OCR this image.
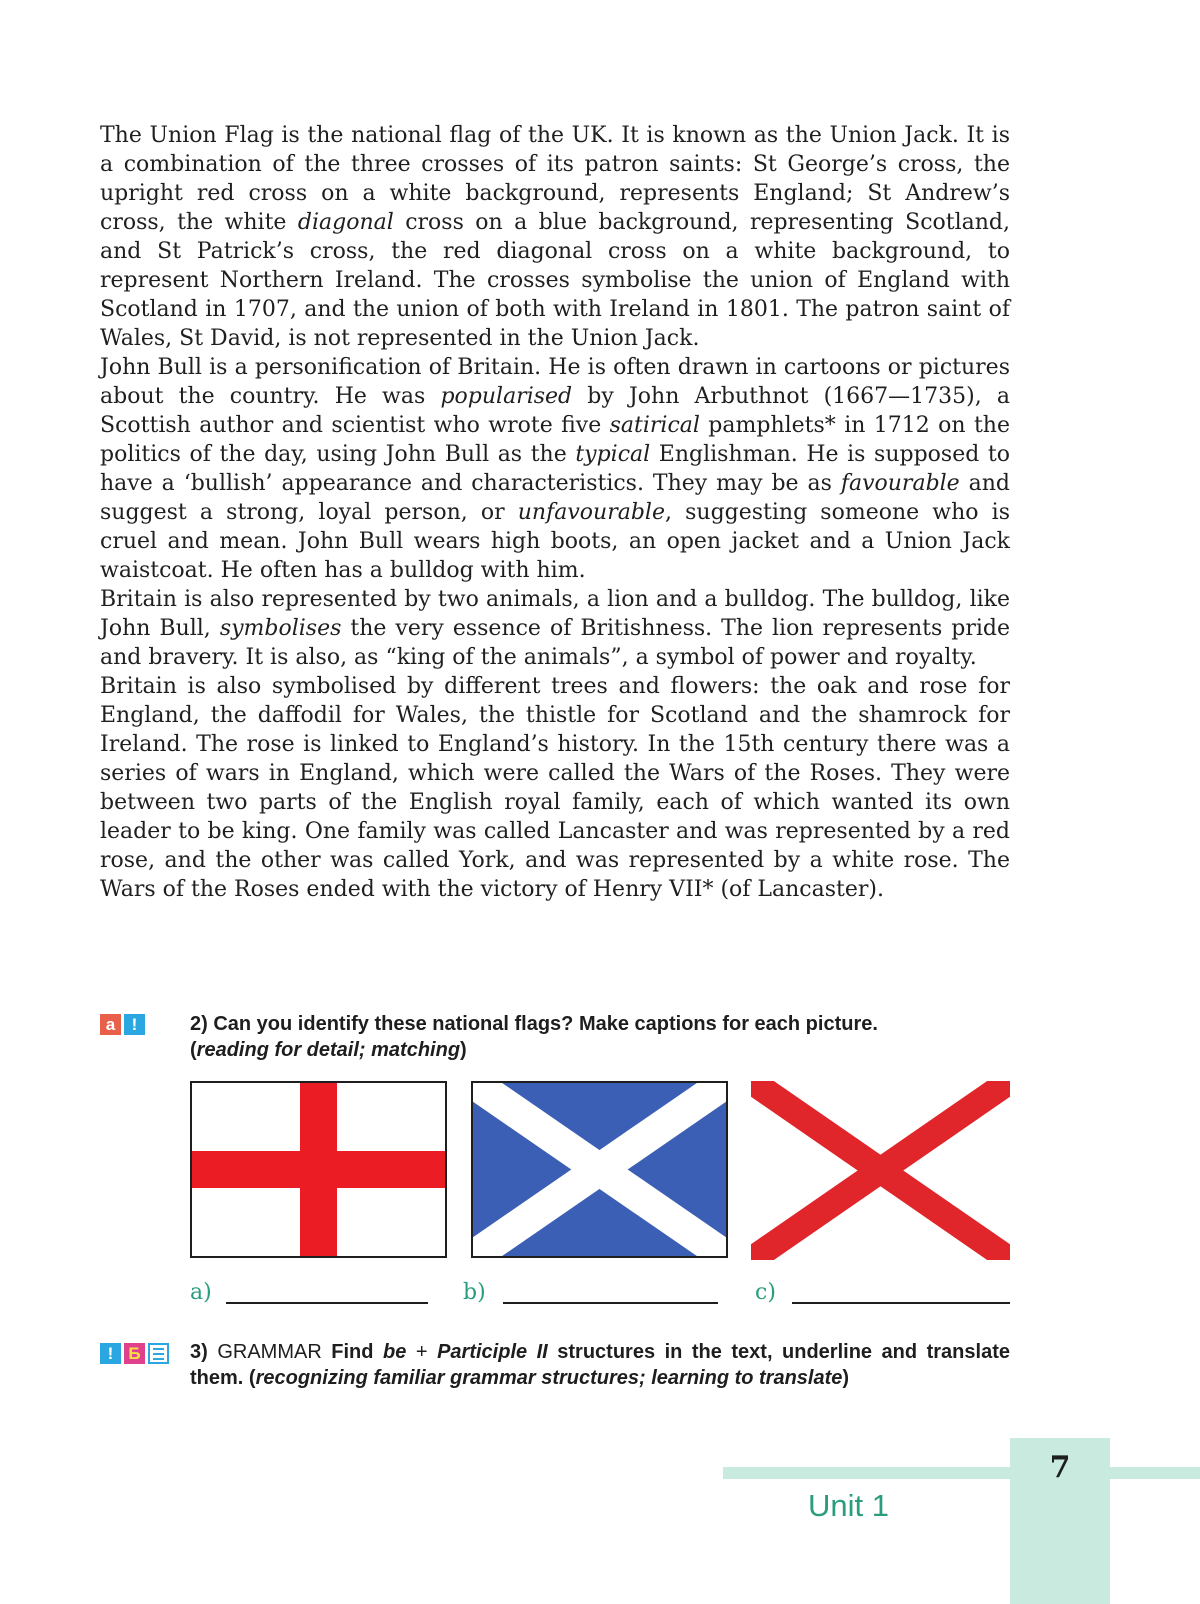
The Union Flag is the national flag of the UK. It is known as the Union Jack. It is a combination of the three crosses of its patron saints: St George’s cross, the upright red cross on a white background, represents England; St Andrew’s cross, the white diagonal cross on a blue background, representing Scotland, and St Patrick’s cross, the red diagonal cross on a white background, to represent Northern Ireland. The crosses symbolise the union of England with Scotland in 1707, and the union of both with Ireland in 1801. The patron saint of Wales, St David, is not represented in the Union Jack.

John Bull is a personification of Britain. He is often drawn in cartoons or pictures about the country. He was popularised by John Arbuthnot (1667—1735), a Scottish author and scientist who wrote five satirical pamphlets* in 1712 on the politics of the day, using John Bull as the typical Englishman. He is supposed to have a ‘bullish’ appearance and characteristics. They may be as favourable and suggest a strong, loyal person, or unfavourable, suggesting someone who is cruel and mean. John Bull wears high boots, an open jacket and a Union Jack waistcoat. He often has a bulldog with him.

Britain is also represented by two animals, a lion and a bulldog. The bulldog, like John Bull, symbolises the very essence of Britishness. The lion represents pride and bravery. It is also, as “king of the animals”, a symbol of power and royalty.

Britain is also symbolised by different trees and flowers: the oak and rose for England, the daffodil for Wales, the thistle for Scotland and the shamrock for Ireland. The rose is linked to England’s history. In the 15th century there was a series of wars in England, which were called the Wars of the Roses. They were between two parts of the English royal family, each of which wanted its own leader to be king. One family was called Lancaster and was represented by a red rose, and the other was called York, and was represented by a white rose. The Wars of the Roses ended with the victory of Henry VII* (of Lancaster).

a !	2) Can you identify these national flags? Make captions for each picture.
(reading for detail; matching)
a)	b)	c)
! Б 3) GRAMMAR Find be + Participle II structures in the text, underline and translate them. (recognizing familiar grammar structures; learning to translate)
7
Unit 1
